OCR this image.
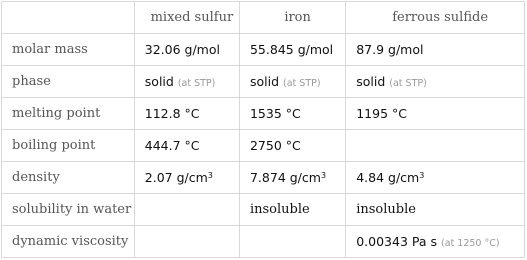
	mixed sulfur	iron	ferrous sulfide
molar mass	32.06 g/mol	55.845 g/mol	87.9 g/mol
phase	solid (at STP)	solid (at STP)	solid (at STP)
melting point	112.8 °C	1535 °C	1195 °C
boiling point	444.7 °C	2750 °C	
density	2.07 $g/cm^3$	7.874 $g/cm^3$	4.84 $g/cm^3$
solubility in water		insoluble	insoluble
dynamic viscosity			0.00343 Pa s (at 1250 °C)
